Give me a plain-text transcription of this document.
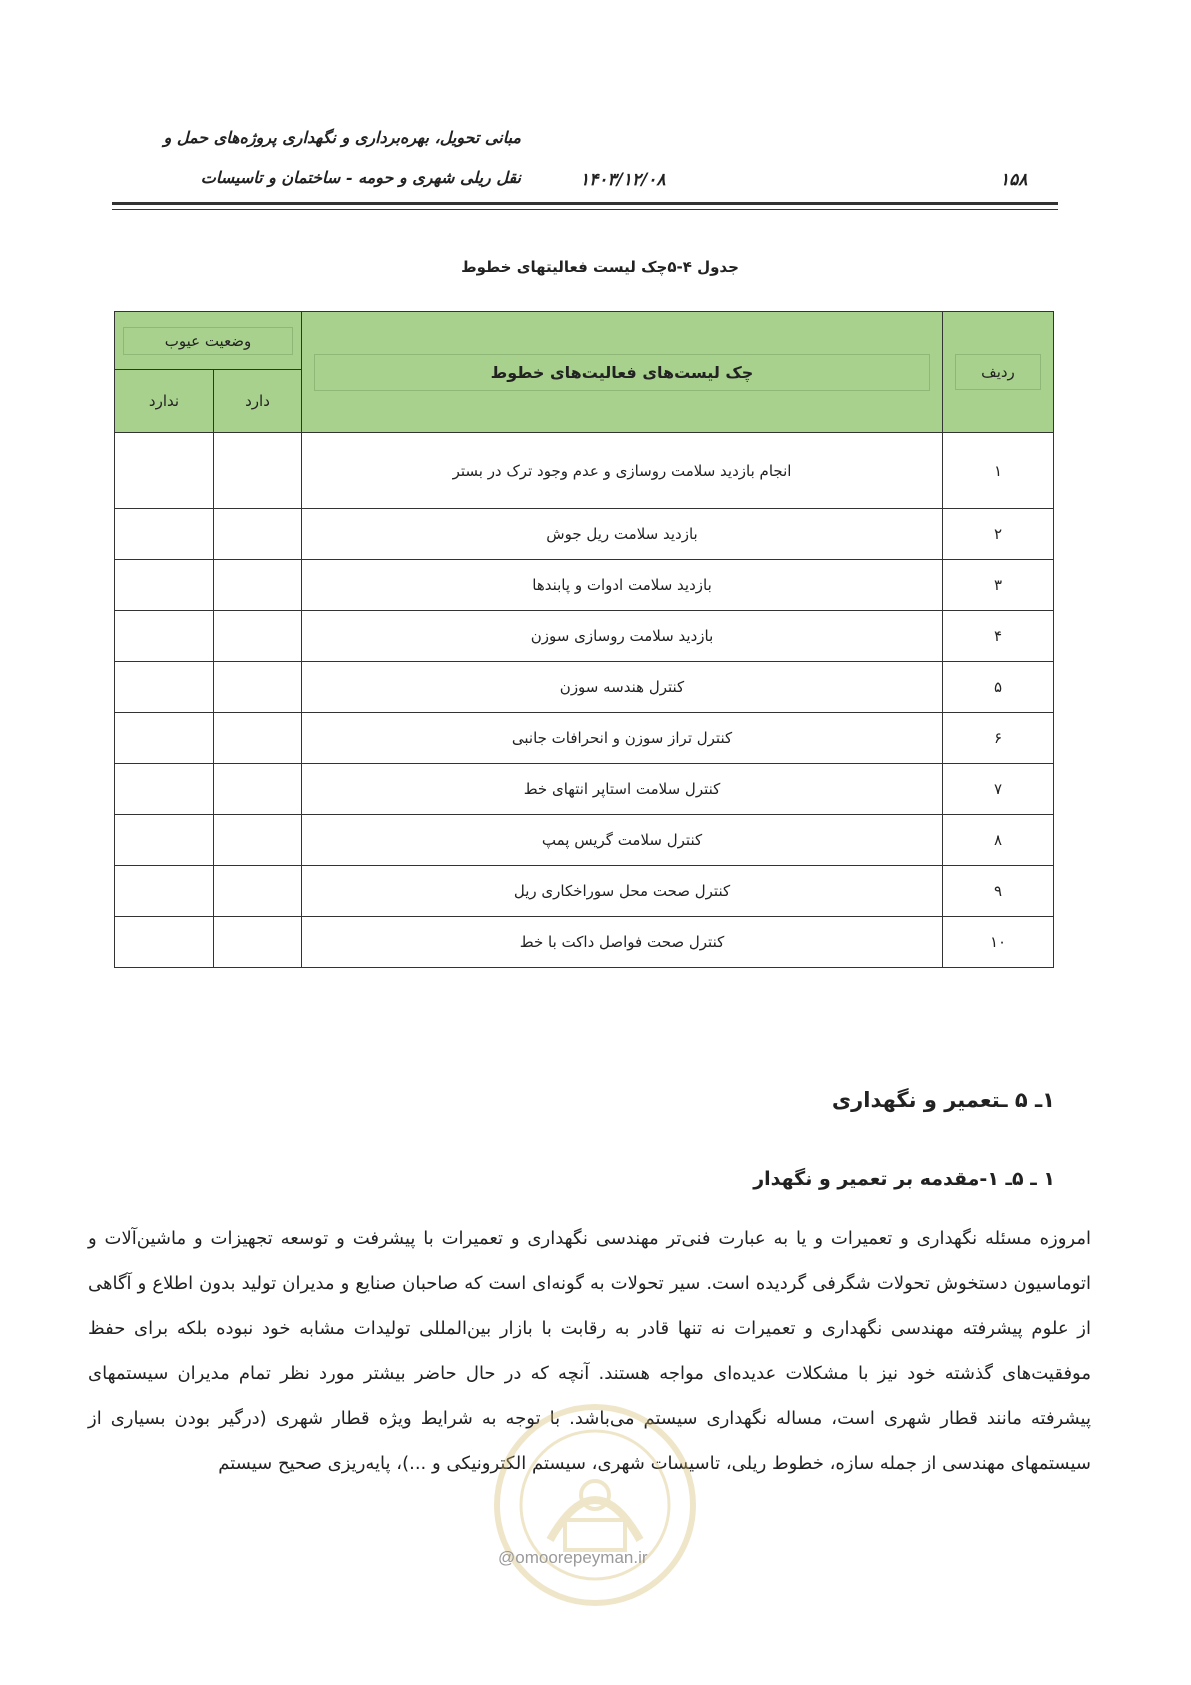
مبانی تحویل، بهره‌برداری و نگهداری پروژه‌های حمل و
نقل ریلی شهری و حومه - ساختمان و تاسیسات	۱۴۰۳/۱۲/۰۸	۱۵۸
جدول ۴-۵چک لیست فعالیتهای خطوط
ردیف	چک لیست‌های فعالیت‌های خطوط	وضعیت عیوب	

		دارد	ندارد
۱	انجام بازدید سلامت روسازی و عدم وجود ترک در بستر		
۲	بازدید سلامت ریل جوش		
۳	بازدید سلامت ادوات و پابندها		
۴	بازدید سلامت روسازی سوزن		
۵	کنترل هندسه سوزن		
۶	کنترل تراز سوزن و انحرافات جانبی		
۷	کنترل سلامت استاپر انتهای خط		
۸	کنترل سلامت گریس پمپ		
۹	کنترل صحت محل سوراخکاری ریل		
۱۰	کنترل صحت فواصل داکت با خط		
۱ـ ۵ ـتعمیر و نگهداری
۱ ـ ۵ـ ۱-مقدمه بر تعمیر و نگهدار
امروزه مسئله نگهداری و تعمیرات و یا به عبارت فنی‌تر مهندسی نگهداری و تعمیرات با پیشرفت و توسعه تجهیزات و ماشین‌آلات و اتوماسیون دستخوش تحولات شگرفی گردیده است. سیر تحولات به گونه‌ای است که صاحبان صنایع و مدیران تولید بدون اطلاع و آگاهی از علوم پیشرفته مهندسی نگهداری و تعمیرات نه تنها قادر به رقابت با بازار بین‌المللی تولیدات مشابه خود نبوده بلکه برای حفظ موفقیت‌های گذشته خود نیز با مشکلات عدیده‌ای مواجه هستند. آنچه که در حال حاضر بیشتر مورد نظر تمام مدیران سیستمهای پیشرفته مانند قطار شهری است، مساله نگهداری سیستم می‌باشد. با توجه به شرایط ویژه قطار شهری (درگیر بودن بسیاری از سیستمهای مهندسی از جمله سازه، خطوط ریلی، تاسیسات شهری، سیستم الکترونیکی و ...)، پایه‌ریزی صحیح سیستم
@omoorepeyman.ir
